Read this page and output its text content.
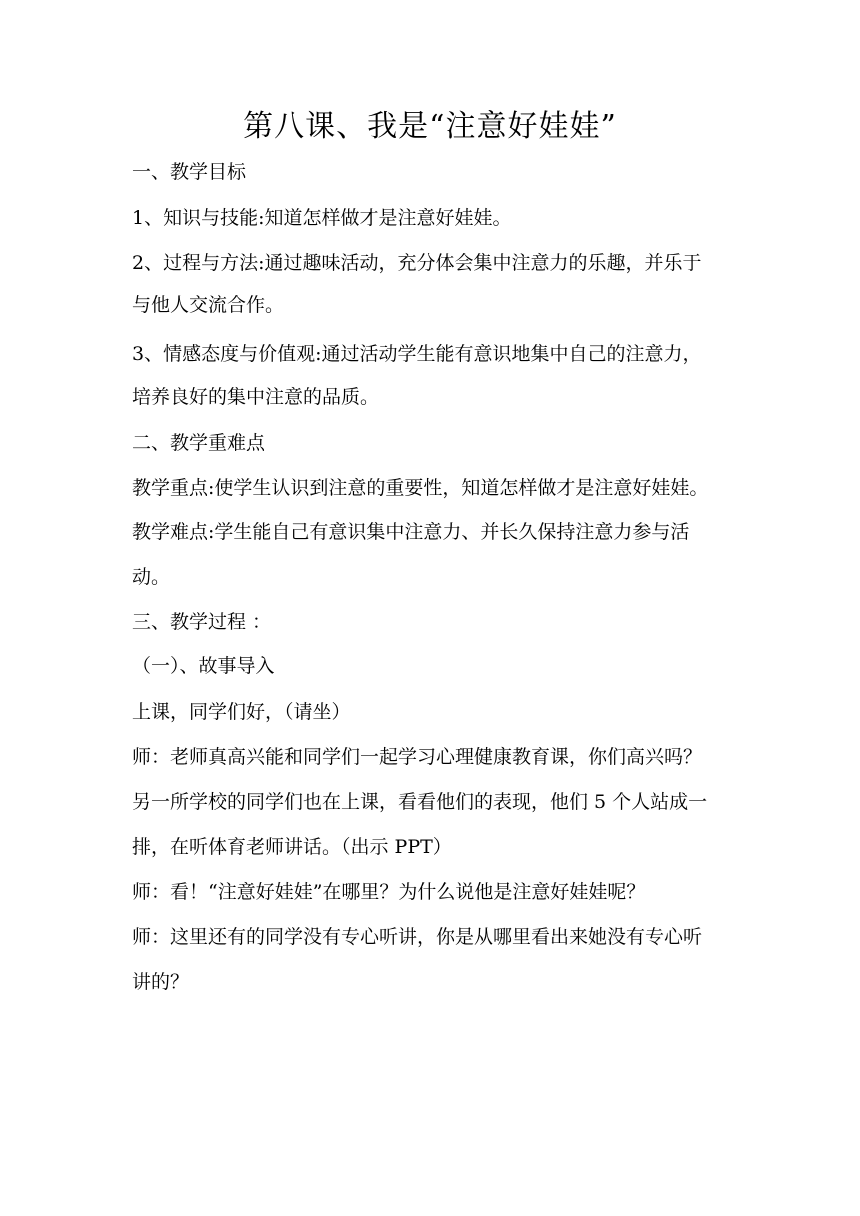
第八课、我是“注意好娃娃”
一、教学目标
1、知识与技能:知道怎样做才是注意好娃娃。
2、过程与方法:通过趣味活动，充分体会集中注意力的乐趣，并乐于
与他人交流合作。
3、情感态度与价值观:通过活动学生能有意识地集中自己的注意力，
培养良好的集中注意的品质。
二、教学重难点
教学重点:使学生认识到注意的重要性，知道怎样做才是注意好娃娃。
教学难点:学生能自己有意识集中注意力、并长久保持注意力参与活
动。
三、教学过程 ：
（一）、故事导入
上课，同学们好，（请坐）
师：老师真高兴能和同学们一起学习心理健康教育课，你们高兴吗？
另一所学校的同学们也在上课，看看他们的表现，他们 5 个人站成一
排，在听体育老师讲话。（出示 PPT）
师：看！“注意好娃娃”在哪里？为什么说他是注意好娃娃呢？
师：这里还有的同学没有专心听讲，你是从哪里看出来她没有专心听
讲的？
